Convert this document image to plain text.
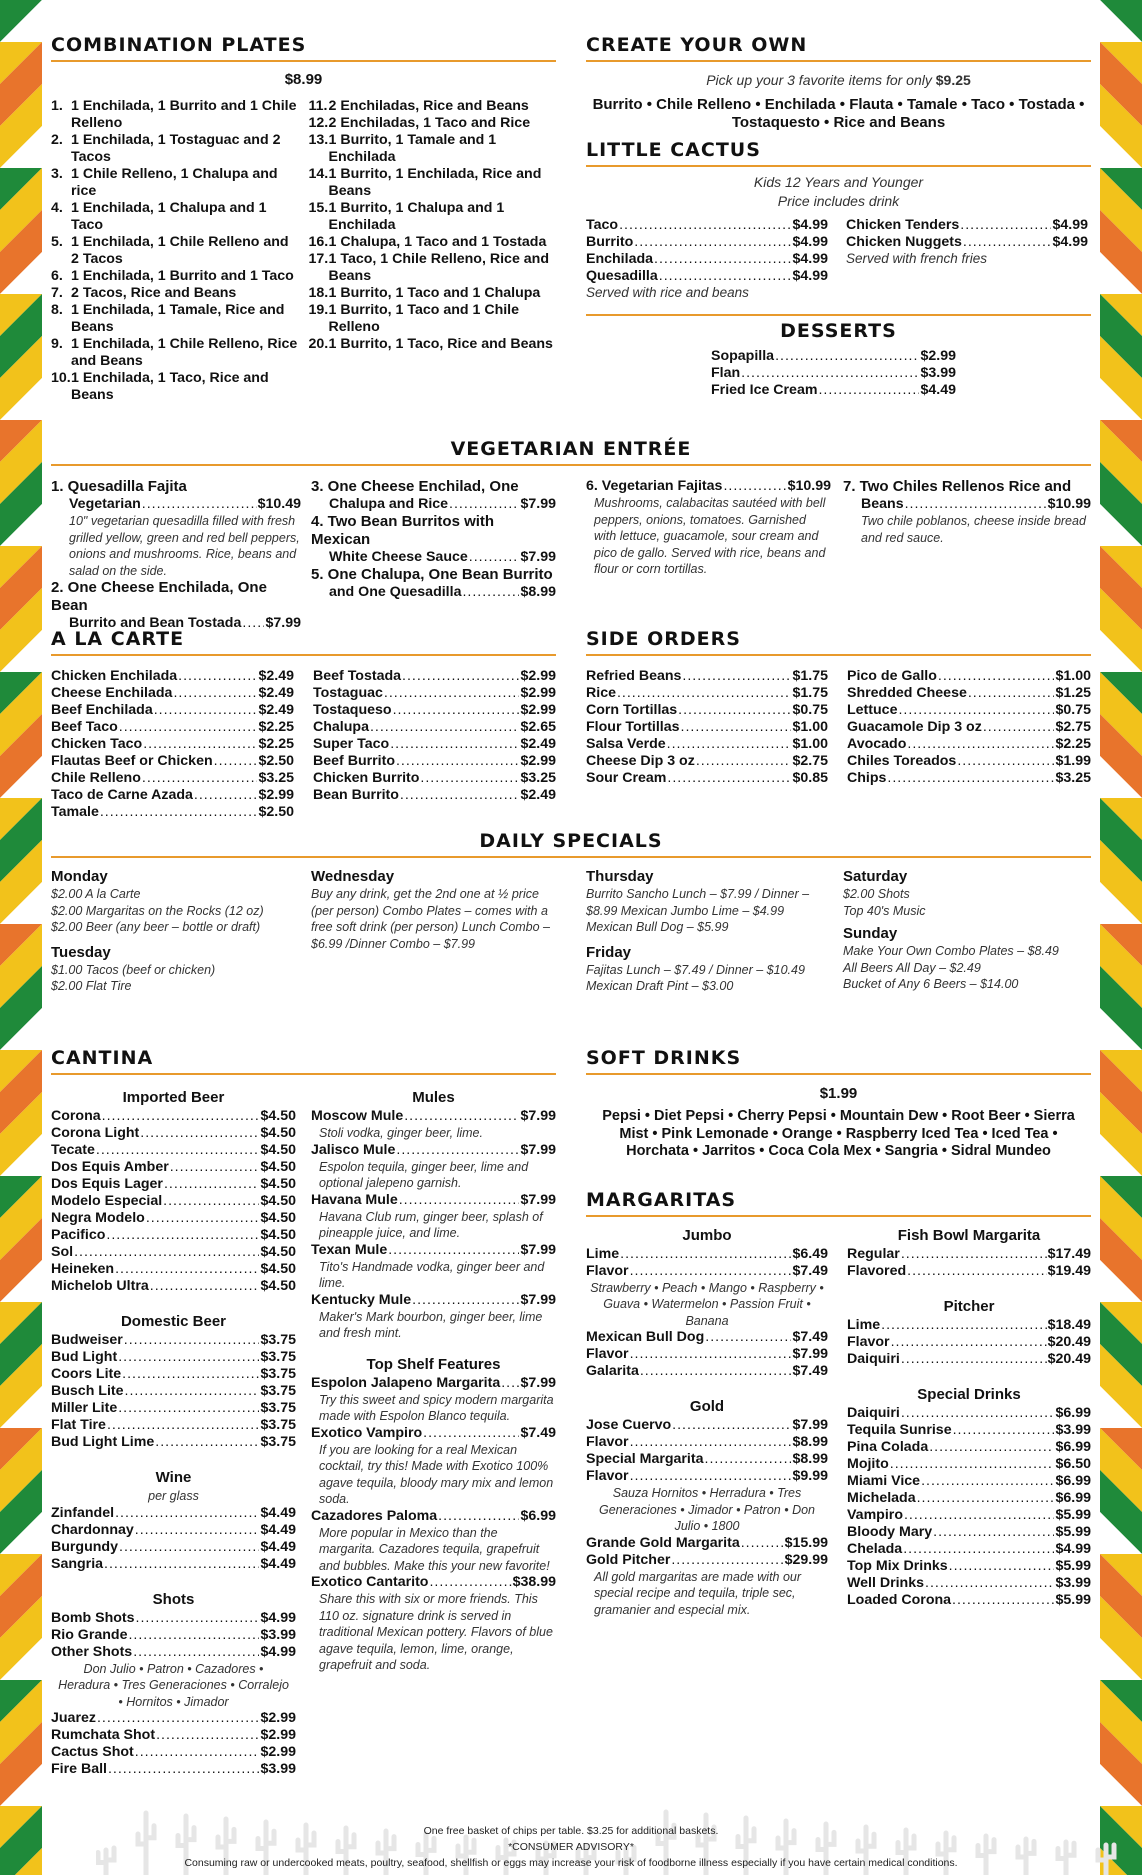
COMBINATION PLATES
$8.99
1. 1 Enchilada, 1 Burrito and 1 Chile Relleno
2. 1 Enchilada, 1 Tostaguac and 2 Tacos
3. 1 Chile Relleno, 1 Chalupa and rice
4. 1 Enchilada, 1 Chalupa and 1 Taco
5. 1 Enchilada, 1 Chile Relleno and 2 Tacos
6. 1 Enchilada, 1 Burrito and 1 Taco
7. 2 Tacos, Rice and Beans
8. 1 Enchilada, 1 Tamale, Rice and Beans
9. 1 Enchilada, 1 Chile Relleno, Rice and Beans
10. 1 Enchilada, 1 Taco, Rice and Beans
11. 2 Enchiladas, Rice and Beans
12. 2 Enchiladas, 1 Taco and Rice
13. 1 Burrito, 1 Tamale and 1 Enchilada
14. 1 Burrito, 1 Enchilada, Rice and Beans
15. 1 Burrito, 1 Chalupa and 1 Enchilada
16. 1 Chalupa, 1 Taco and 1 Tostada
17. 1 Taco, 1 Chile Relleno, Rice and Beans
18. 1 Burrito, 1 Taco and 1 Chalupa
19. 1 Burrito, 1 Taco and 1 Chile Relleno
20. 1 Burrito, 1 Taco, Rice and Beans
CREATE YOUR OWN
Pick up your 3 favorite items for only $9.25
Burrito • Chile Relleno • Enchilada • Flauta • Tamale • Taco • Tostada • Tostaquesto • Rice and Beans
LITTLE CACTUS
Kids 12 Years and Younger
Price includes drink
Taco .....	$4.99
Burrito .....	$4.99
Enchilada .....	$4.99
Quesadilla .....	$4.99
Served with rice and beans
Chicken Tenders .....	$4.99
Chicken Nuggets .....	$4.99
Served with french fries
DESSERTS
Sopapilla .....	$2.99
Flan .....	$3.99
Fried Ice Cream .....	$4.49
VEGETARIAN ENTRÉE
1. Quesadilla Fajita
Vegetarian .....	$10.49
10" vegetarian quesadilla filled with fresh grilled yellow, green and red bell peppers, onions and mushrooms. Rice, beans and salad on the side.
2. One Cheese Enchilada, One Bean
Burrito and Bean Tostada ..... $7.99
3. One Cheese Enchilad, One
Chalupa and Rice .....	$7.99
4. Two Bean Burritos with Mexican
White Cheese Sauce .....	$7.99
5. One Chalupa, One Bean Burrito
and One Quesadilla .....	$8.99
6. Vegetarian Fajitas .....	$10.99
Mushrooms, calabacitas sautéed with bell peppers, onions, tomatoes. Garnished with lettuce, guacamole, sour cream and pico de gallo. Served with rice, beans and flour or corn tortillas.
7. Two Chiles Rellenos Rice and
Beans .....	$10.99
Two chile poblanos, cheese inside bread and red sauce.
A LA CARTE
Chicken Enchilada .....	$2.49
Cheese Enchilada .....	$2.49
Beef Enchilada .....	$2.49
Beef Taco .....	$2.25
Chicken Taco .....	$2.25
Flautas Beef or Chicken .....	$2.50
Chile Relleno .....	$3.25
Taco de Carne Azada .....	$2.99
Tamale .....	$2.50
Beef Tostada .....	$2.99
Tostaguac .....	$2.99
Tostaqueso .....	$2.99
Chalupa .....	$2.65
Super Taco .....	$2.49
Beef Burrito .....	$2.99
Chicken Burrito .....	$3.25
Bean Burrito .....	$2.49
SIDE ORDERS
Refried Beans .....	$1.75
Rice .....	$1.75
Corn Tortillas .....	$0.75
Flour Tortillas .....	$1.00
Salsa Verde .....	$1.00
Cheese Dip 3 oz .....	$2.75
Sour Cream .....	$0.85
Pico de Gallo .....	$1.00
Shredded Cheese .....	$1.25
Lettuce .....	$0.75
Guacamole Dip 3 oz .....	$2.75
Avocado .....	$2.25
Chiles Toreados .....	$1.99
Chips .....	$3.25
DAILY SPECIALS
Monday
$2.00 A la Carte
$2.00 Margaritas on the Rocks (12 oz)
$2.00 Beer (any beer – bottle or draft)
Tuesday
$1.00 Tacos (beef or chicken)
$2.00 Flat Tire
Wednesday
Buy any drink, get the 2nd one at ½ price (per person) Combo Plates – comes with a free soft drink (per person) Lunch Combo – $6.99 /Dinner Combo – $7.99
Thursday
Burrito Sancho Lunch – $7.99 / Dinner – $8.99 Mexican Jumbo Lime – $4.99 Mexican Bull Dog – $5.99
Friday
Fajitas Lunch – $7.49 / Dinner – $10.49
Mexican Draft Pint – $3.00
Saturday
$2.00 Shots
Top 40's Music
Sunday
Make Your Own Combo Plates – $8.49
All Beers All Day – $2.49
Bucket of Any 6 Beers – $14.00
CANTINA
Imported Beer
Corona .....	$4.50
Corona Light .....	$4.50
Tecate .....	$4.50
Dos Equis Amber .....	$4.50
Dos Equis Lager .....	$4.50
Modelo Especial .....	$4.50
Negra Modelo .....	$4.50
Pacifico .....	$4.50
Sol .....	$4.50
Heineken .....	$4.50
Michelob Ultra .....	$4.50
Domestic Beer
Budweiser .....	$3.75
Bud Light .....	$3.75
Coors Lite .....	$3.75
Busch Lite .....	$3.75
Miller Lite .....	$3.75
Flat Tire .....	$3.75
Bud Light Lime .....	$3.75
Wine
per glass
Zinfandel .....	$4.49
Chardonnay .....	$4.49
Burgundy .....	$4.49
Sangria .....	$4.49
Shots
Bomb Shots .....	$4.99
Rio Grande .....	$3.99
Other Shots .....	$4.99
Don Julio • Patron • Cazadores • Heradura • Tres Generaciones • Corralejo • Hornitos • Jimador
Juarez .....	$2.99
Rumchata Shot .....	$2.99
Cactus Shot .....	$2.99
Fire Ball .....	$3.99
Mules
Moscow Mule .....	$7.99
Stoli vodka, ginger beer, lime.
Jalisco Mule .....	$7.99
Espolon tequila, ginger beer, lime and optional jalepeno garnish.
Havana Mule .....	$7.99
Havana Club rum, ginger beer, splash of pineapple juice, and lime.
Texan Mule .....	$7.99
Tito's Handmade vodka, ginger beer and lime.
Kentucky Mule .....	$7.99
Maker's Mark bourbon, ginger beer, lime and fresh mint.
Top Shelf Features
Espolon Jalapeno Margarita ..... $7.99
Try this sweet and spicy modern margarita made with Espolon Blanco tequila.
Exotico Vampiro .....	$7.49
If you are looking for a real Mexican cocktail, try this! Made with Exotico 100% agave tequila, bloody mary mix and lemon soda.
Cazadores Paloma .....	$6.99
More popular in Mexico than the margarita. Cazadores tequila, grapefruit and bubbles. Make this your new favorite!
Exotico Cantarito .....	$38.99
Share this with six or more friends. This 110 oz. signature drink is served in traditional Mexican pottery. Flavors of blue agave tequila, lemon, lime, orange, grapefruit and soda.
SOFT DRINKS
$1.99
Pepsi • Diet Pepsi • Cherry Pepsi • Mountain Dew • Root Beer • Sierra Mist • Pink Lemonade • Orange • Raspberry Iced Tea • Iced Tea • Horchata • Jarritos • Coca Cola Mex • Sangria • Sidral Mundeo
MARGARITAS
Jumbo
Lime .....	$6.49
Flavor .....	$7.49
Strawberry • Peach • Mango • Raspberry • Guava • Watermelon • Passion Fruit • Banana
Mexican Bull Dog .....	$7.49
Flavor .....	$7.99
Galarita .....	$7.49
Gold
Jose Cuervo .....	$7.99
Flavor .....	$8.99
Special Margarita .....	$8.99
Flavor .....	$9.99
Sauza Hornitos • Herradura • Tres Generaciones • Jimador • Patron • Don Julio • 1800
Grande Gold Margarita .....	$15.99
Gold Pitcher .....	$29.99
All gold margaritas are made with our special recipe and tequila, triple sec, gramanier and especial mix.
Fish Bowl Margarita
Regular .....	$17.49
Flavored .....	$19.49
Pitcher
Lime .....	$18.49
Flavor .....	$20.49
Daiquiri .....	$20.49
Special Drinks
Daiquiri .....	$6.99
Tequila Sunrise .....	$3.99
Pina Colada .....	$6.99
Mojito .....	$6.50
Miami Vice .....	$6.99
Michelada .....	$6.99
Vampiro .....	$5.99
Bloody Mary .....	$5.99
Chelada .....	$4.99
Top Mix Drinks .....	$5.99
Well Drinks .....	$3.99
Loaded Corona .....	$5.99
One free basket of chips per table. $3.25 for additional baskets.
*CONSUMER ADVISORY*
Consuming raw or undercooked meats, poultry, seafood, shellfish or eggs may increase your risk of foodborne illness especially if you have certain medical conditions.
